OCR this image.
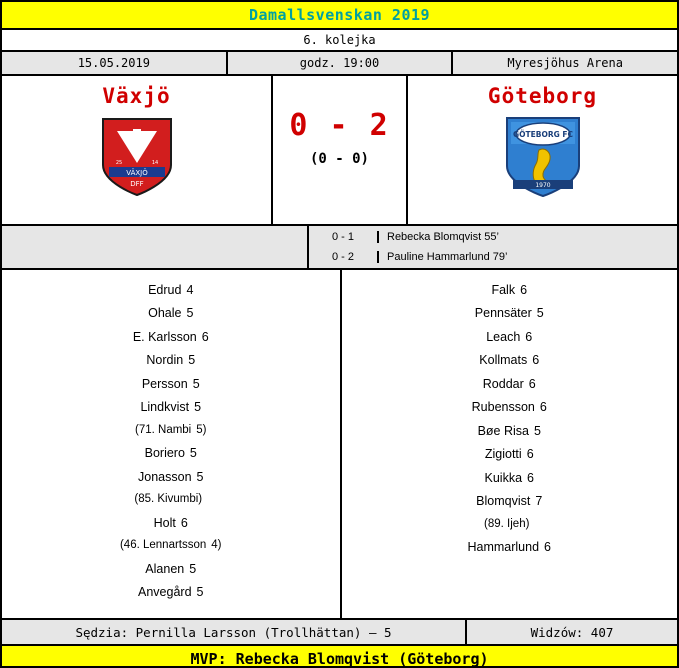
Damallsvenskan 2019
6. kolejka
15.05.2019	godz. 19:00	Myresjöhus Arena
Växjö
VÄXJÖ
DFF
25	14
0 - 2
(0 - 0)
Göteborg
GÖTEBORG FC
1970
0 - 1	Rebecka Blomqvist 55’
0 - 2	Pauline Hammarlund 79’
Edrud 4
Ohale 5
E. Karlsson 6
Nordin 5
Persson 5
Lindkvist 5
(71. Nambi 5)
Boriero 5
Jonasson 5
(85. Kivumbi)
Holt 6
(46. Lennartsson 4)
Alanen 5
Anvegård 5
Falk 6
Pennsäter 5
Leach 6
Kollmats 6
Roddar 6
Rubensson 6
Bøe Risa 5
Zigiotti 6
Kuikka 6
Blomqvist 7
(89. Ijeh)
Hammarlund 6
Sędzia: Pernilla Larsson (Trollhättan) – 5	Widzów: 407
MVP: Rebecka Blomqvist (Göteborg)
